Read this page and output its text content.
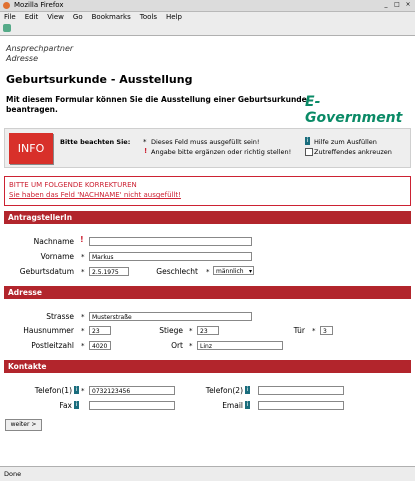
Mozilla Firefox	_	□ ×
File Edit View Go Bookmarks Tools Help
Ansprechpartner
Adresse
Geburtsurkunde - Ausstellung
Mit diesem Formular können Sie die Ausstellung einer Geburtsurkunde
beantragen.	E-Government
INFO	Bitte beachten Sie: * Dieses Feld muss ausgefüllt sein!
! Angabe bitte ergänzen oder richtig stellen!
i Hilfe zum Ausfüllen
Zutreffendes ankreuzen
BITTE UM FOLGENDE KORREKTUREN
Sie haben das Feld 'NACHNAME' nicht ausgefüllt!
AntragstellerIn
Nachname !
Vorname *	Markus
Geburtsdatum *	2.5.1975	Geschlecht *	männlich ▾
Adresse
Strasse *	Musterstraße
Hausnummer *	23	Stiege *	23	Tür *	3
Postleitzahl *	4020	Ort *	Linz
Kontakte
Telefon(1) i *	0732123456	Telefon(2) i
Fax i	Email i
weiter >
Done
